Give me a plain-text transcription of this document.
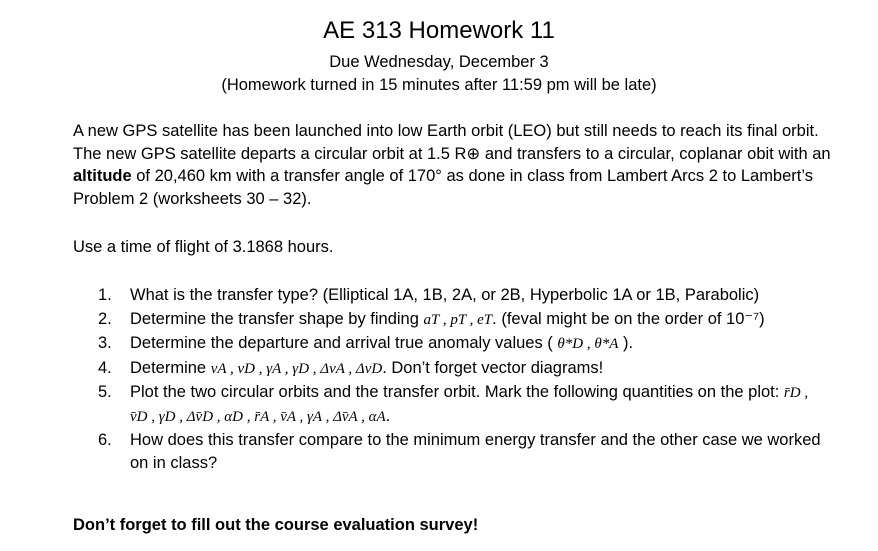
AE 313 Homework 11
Due Wednesday, December 3
(Homework turned in 15 minutes after 11:59 pm will be late)
A new GPS satellite has been launched into low Earth orbit (LEO) but still needs to reach its final orbit. The new GPS satellite departs a circular orbit at 1.5 R⊕ and transfers to a circular, coplanar obit with an altitude of 20,460 km with a transfer angle of 170° as done in class from Lambert Arcs 2 to Lambert’s Problem 2 (worksheets 30 – 32).
Use a time of flight of 3.1868 hours.
1.	What is the transfer type? (Elliptical 1A, 1B, 2A, or 2B, Hyperbolic 1A or 1B, Parabolic)
2.	Determine the transfer shape by finding aT , pT , eT. (feval might be on the order of 10⁻⁷)
3.	Determine the departure and arrival true anomaly values ( θ*D , θ*A ).
4.	Determine vA , vD , γA , γD , ΔvA , ΔvD. Don’t forget vector diagrams!
5.	Plot the two circular orbits and the transfer orbit. Mark the following quantities on the plot: r̄D , v̄D , γD , Δv̄D , αD , r̄A , v̄A , γA , Δv̄A , αA.
6.	How does this transfer compare to the minimum energy transfer and the other case we worked on in class?
Don’t forget to fill out the course evaluation survey!
